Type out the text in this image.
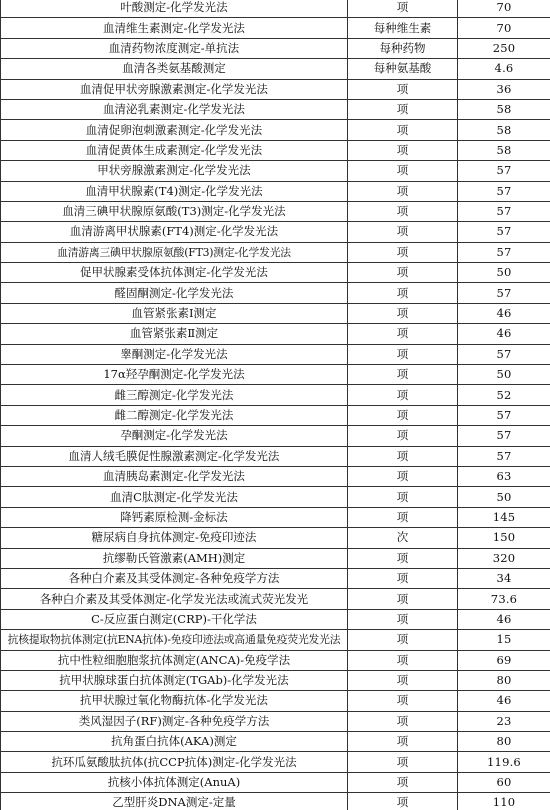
叶酸测定-化学发光法	项	70
血清维生素测定-化学发光法	每种维生素	70
血清药物浓度测定-单抗法	每种药物	250
血清各类氨基酸测定	每种氨基酸	4.6
血清促甲状旁腺激素测定-化学发光法	项	36
血清泌乳素测定-化学发光法	项	58
血清促卵泡刺激素测定-化学发光法	项	58
血清促黄体生成素测定-化学发光法	项	58
甲状旁腺激素测定-化学发光法	项	57
血清甲状腺素(T4)测定-化学发光法	项	57
血清三碘甲状腺原氨酸(T3)测定-化学发光法	项	57
血清游离甲状腺素(FT4)测定-化学发光法	项	57
血清游离三碘甲状腺原氨酸(FT3)测定-化学发光法	项	57
促甲状腺素受体抗体测定-化学发光法	项	50
醛固酮测定-化学发光法	项	57
血管紧张素Ⅰ测定	项	46
血管紧张素Ⅱ测定	项	46
睾酮测定-化学发光法	项	57
17α羟孕酮测定-化学发光法	项	50
雌三醇测定-化学发光法	项	52
雌二醇测定-化学发光法	项	57
孕酮测定-化学发光法	项	57
血清人绒毛膜促性腺激素测定-化学发光法	项	57
血清胰岛素测定-化学发光法	项	63
血清C肽测定-化学发光法	项	50
降钙素原检测-金标法	项	145
糖尿病自身抗体测定-免疫印迹法	次	150
抗缪勒氏管激素(AMH)测定	项	320
各种白介素及其受体测定-各种免疫学方法	项	34
各种白介素及其受体测定-化学发光法或流式荧光发光	项	73.6
C-反应蛋白测定(CRP)-干化学法	项	46
抗核提取物抗体测定(抗ENA抗体)-免疫印迹法或高通量免疫荧光发光法	项	15
抗中性粒细胞胞浆抗体测定(ANCA)-免疫学法	项	69
抗甲状腺球蛋白抗体测定(TGAb)-化学发光法	项	80
抗甲状腺过氧化物酶抗体-化学发光法	项	46
类风湿因子(RF)测定-各种免疫学方法	项	23
抗角蛋白抗体(AKA)测定	项	80
抗环瓜氨酸肽抗体(抗CCP抗体)测定-化学发光法	项	119.6
抗核小体抗体测定(AnuA)	项	60
乙型肝炎DNA测定-定量	项	110
